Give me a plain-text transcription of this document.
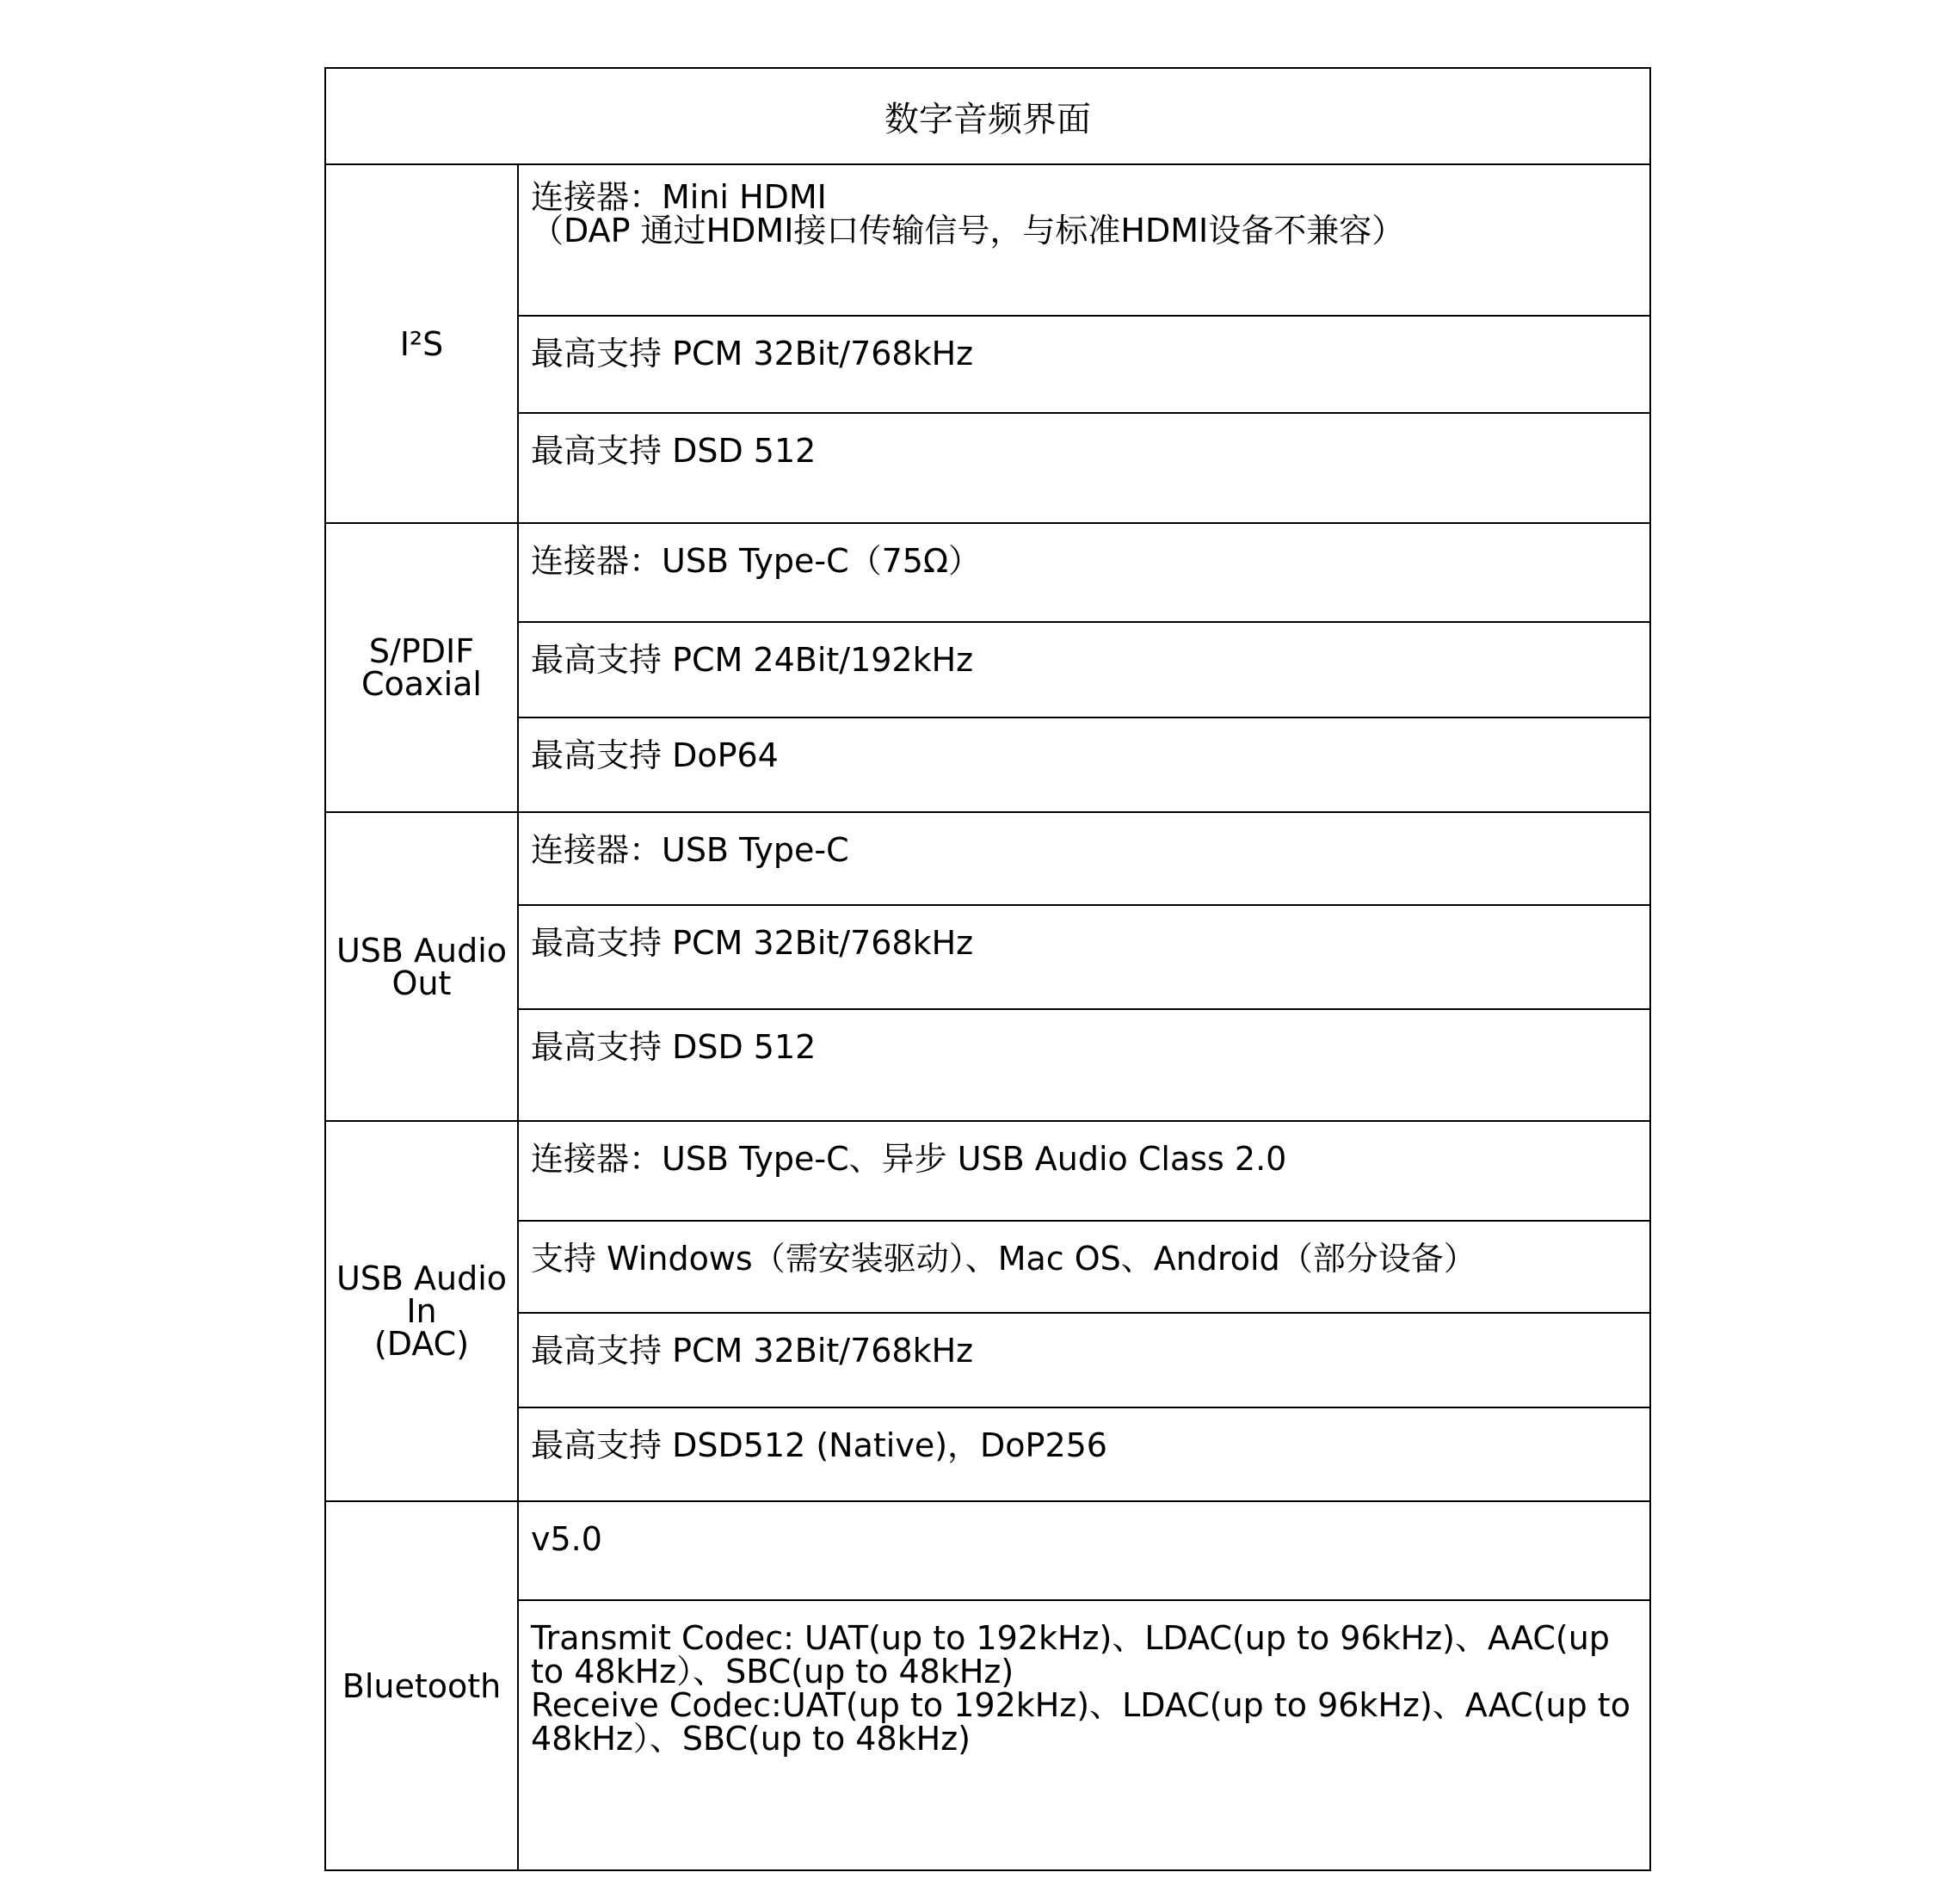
数字音频界面	

I²S	连接器：Mini HDMI
（DAP 通过HDMI接口传输信号，与标准HDMI设备不兼容）
	最高支持 PCM 32Bit/768kHz
	最高支持 DSD 512

S/PDIF
Coaxial	连接器：USB Type-C（75Ω）
	最高支持 PCM 24Bit/192kHz
	最高支持 DoP64

USB Audio
Out	连接器：USB Type-C
	最高支持 PCM 32Bit/768kHz
	最高支持 DSD 512

USB Audio
In
(DAC)	连接器：USB Type-C、异步 USB Audio Class 2.0
	支持 Windows（需安装驱动）、Mac OS、Android（部分设备）
	最高支持 PCM 32Bit/768kHz
	最高支持 DSD512 (Native)，DoP256

Bluetooth	v5.0
	Transmit Codec: UAT(up to 192kHz)、LDAC(up to 96kHz)、AAC(up to 48kHz）、SBC(up to 48kHz)
Receive Codec:UAT(up to 192kHz)、LDAC(up to 96kHz)、AAC(up to 48kHz）、SBC(up to 48kHz)
